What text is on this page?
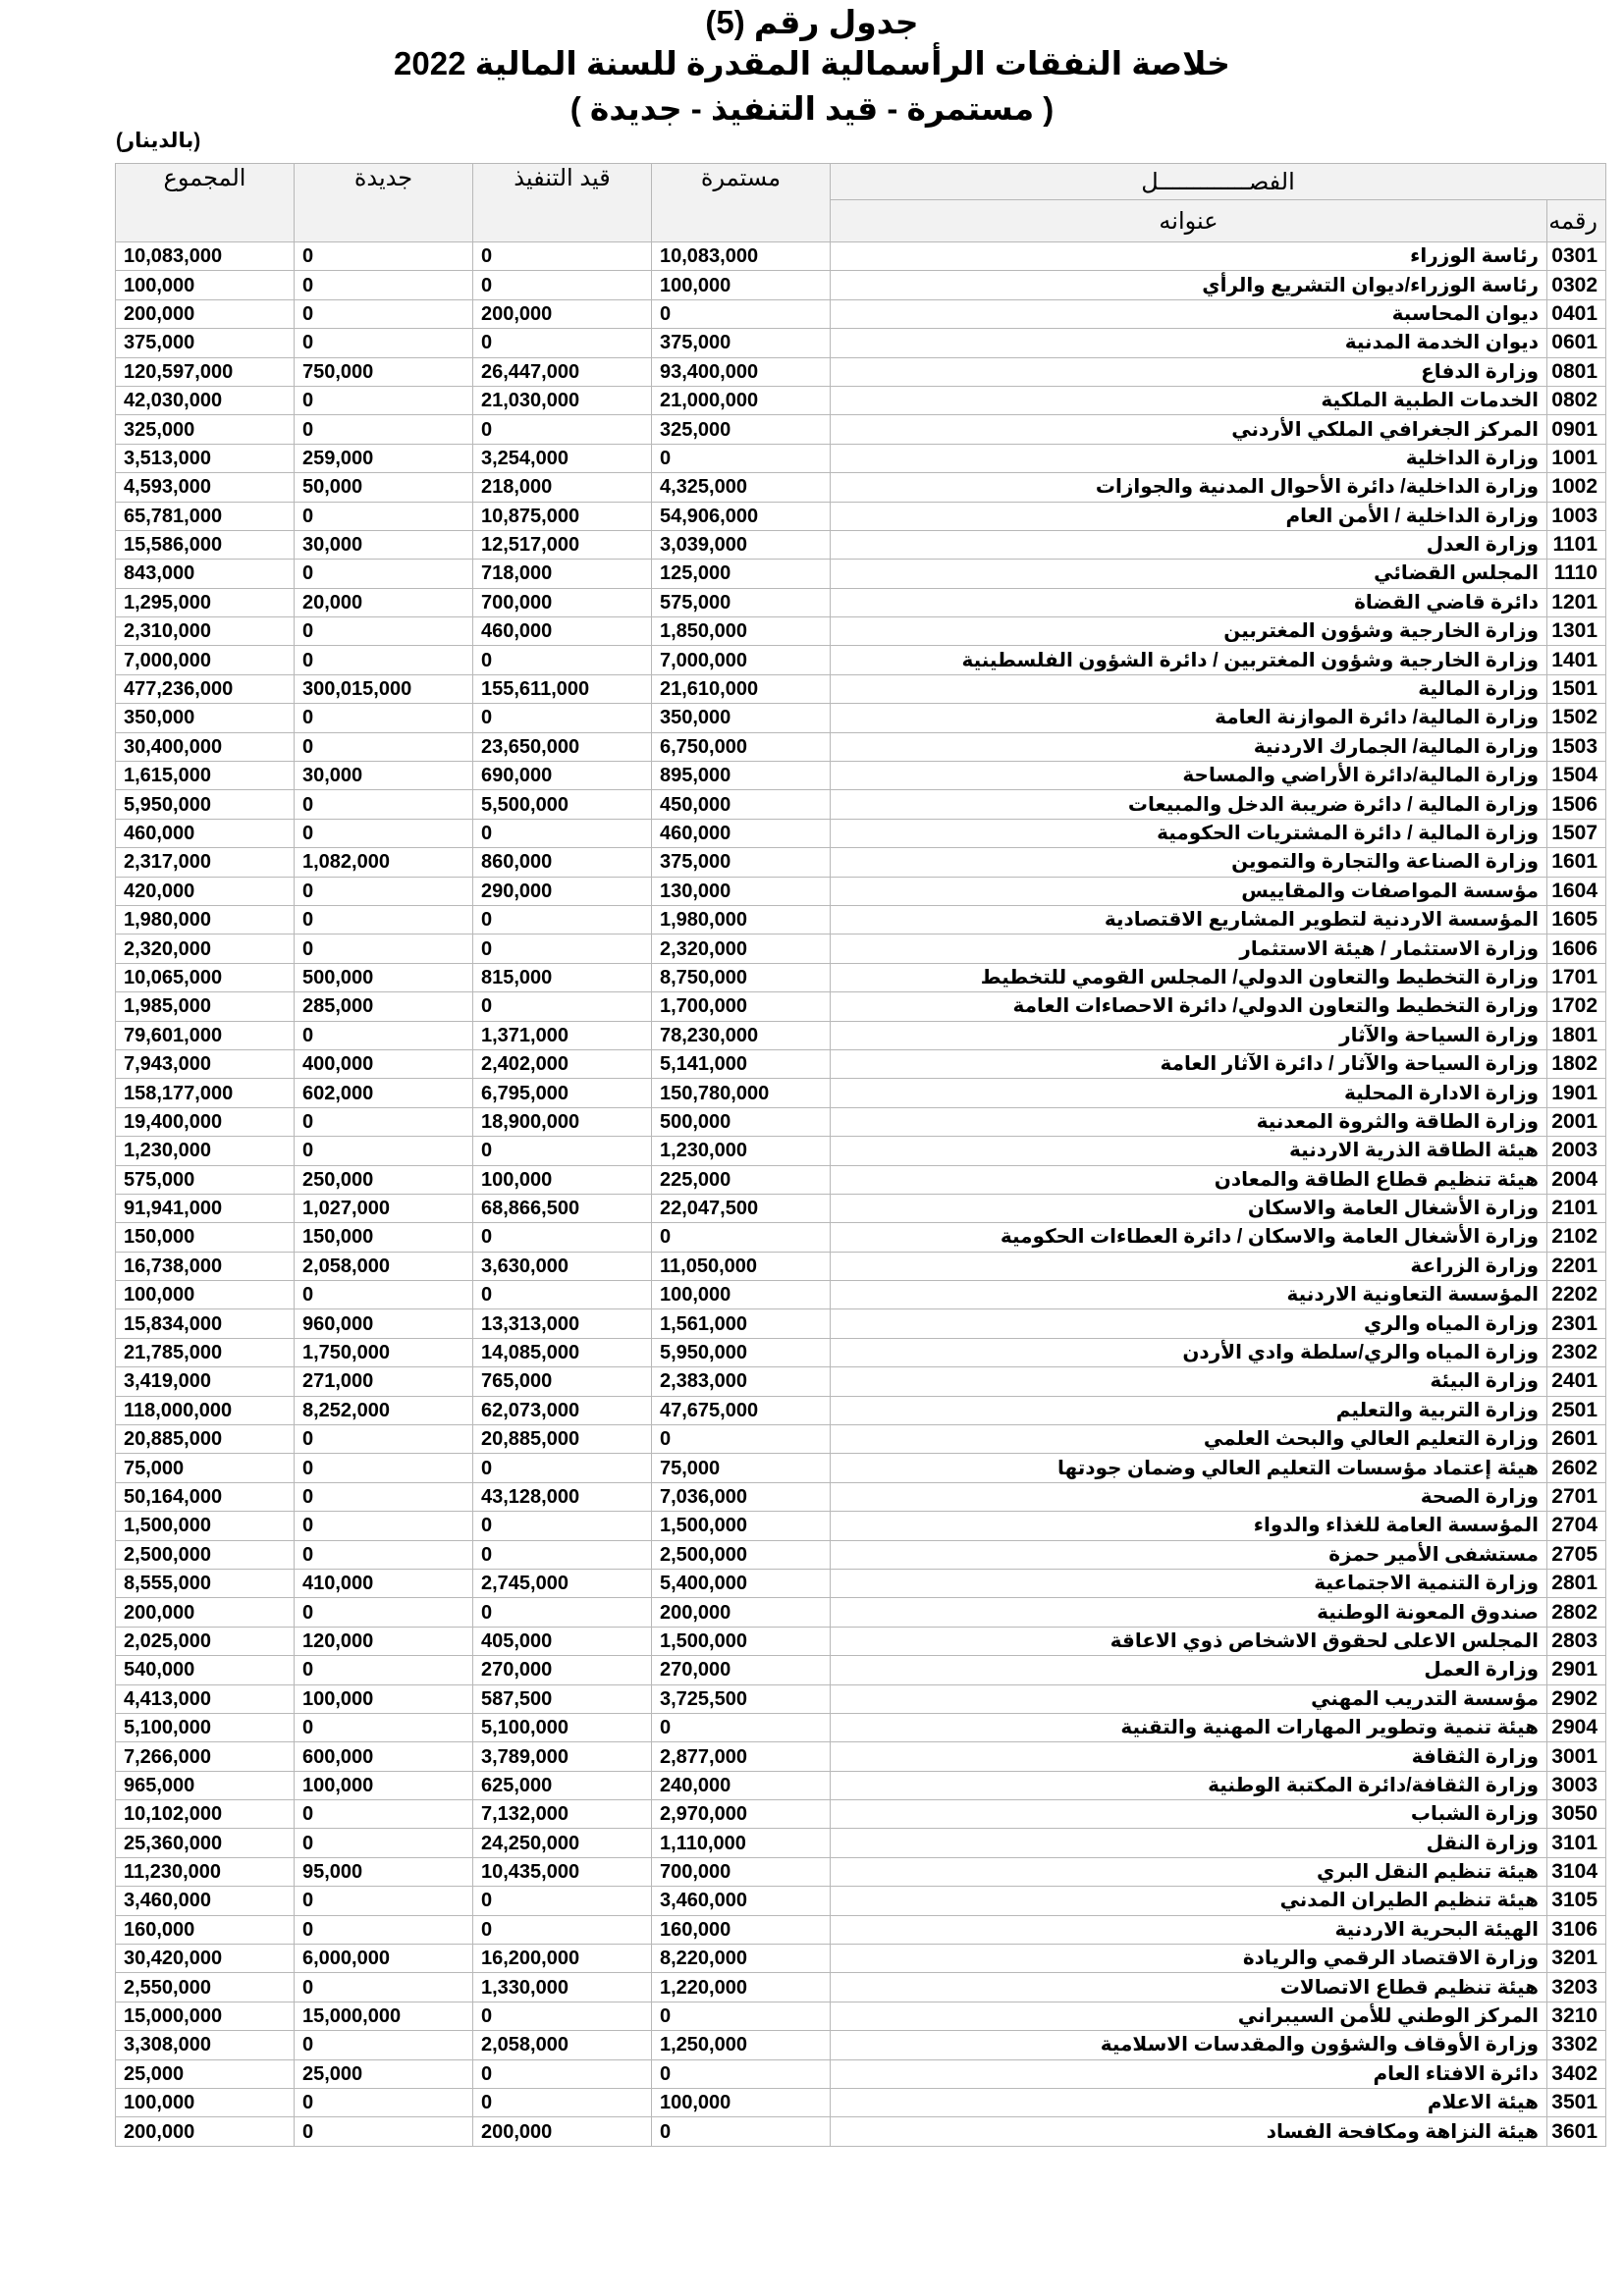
جدول رقم (5)
خلاصة النفقات الرأسمالية المقدرة للسنة المالية 2022
( مستمرة - قيد التنفيذ - جديدة )
(بالدينار)
الفصـــــــــــــل		مستمرة	قيد التنفيذ	جديدة	المجموع
رقمه	عنوانه				
0301	رئاسة الوزراء	10,083,000	0	0	10,083,000
0302	رئاسة الوزراء/ديوان التشريع والرأي	100,000	0	0	100,000
0401	ديوان المحاسبة	0	200,000	0	200,000
0601	ديوان الخدمة المدنية	375,000	0	0	375,000
0801	وزارة الدفاع	93,400,000	26,447,000	750,000	120,597,000
0802	الخدمات الطبية الملكية	21,000,000	21,030,000	0	42,030,000
0901	المركز الجغرافي الملكي الأردني	325,000	0	0	325,000
1001	وزارة الداخلية	0	3,254,000	259,000	3,513,000
1002	وزارة الداخلية/ دائرة الأحوال المدنية والجوازات	4,325,000	218,000	50,000	4,593,000
1003	وزارة الداخلية / الأمن العام	54,906,000	10,875,000	0	65,781,000
1101	وزارة العدل	3,039,000	12,517,000	30,000	15,586,000
1110	المجلس القضائي	125,000	718,000	0	843,000
1201	دائرة قاضي القضاة	575,000	700,000	20,000	1,295,000
1301	وزارة الخارجية وشؤون المغتربين	1,850,000	460,000	0	2,310,000
1401	وزارة الخارجية وشؤون المغتربين / دائرة الشؤون الفلسطينية	7,000,000	0	0	7,000,000
1501	وزارة المالية	21,610,000	155,611,000	300,015,000	477,236,000
1502	وزارة المالية/ دائرة الموازنة العامة	350,000	0	0	350,000
1503	وزارة المالية/ الجمارك الاردنية	6,750,000	23,650,000	0	30,400,000
1504	وزارة المالية/دائرة الأراضي والمساحة	895,000	690,000	30,000	1,615,000
1506	وزارة المالية / دائرة ضريبة الدخل والمبيعات	450,000	5,500,000	0	5,950,000
1507	وزارة المالية / دائرة المشتريات الحكومية	460,000	0	0	460,000
1601	وزارة الصناعة والتجارة والتموين	375,000	860,000	1,082,000	2,317,000
1604	مؤسسة المواصفات والمقاييس	130,000	290,000	0	420,000
1605	المؤسسة الاردنية لتطوير المشاريع الاقتصادية	1,980,000	0	0	1,980,000
1606	وزارة الاستثمار / هيئة الاستثمار	2,320,000	0	0	2,320,000
1701	وزارة التخطيط والتعاون الدولي/ المجلس القومي للتخطيط	8,750,000	815,000	500,000	10,065,000
1702	وزارة التخطيط والتعاون الدولي/ دائرة الاحصاءات العامة	1,700,000	0	285,000	1,985,000
1801	وزارة السياحة والآثار	78,230,000	1,371,000	0	79,601,000
1802	وزارة السياحة والآثار / دائرة الآثار العامة	5,141,000	2,402,000	400,000	7,943,000
1901	وزارة الادارة المحلية	150,780,000	6,795,000	602,000	158,177,000
2001	وزارة الطاقة والثروة المعدنية	500,000	18,900,000	0	19,400,000
2003	هيئة الطاقة الذرية الاردنية	1,230,000	0	0	1,230,000
2004	هيئة تنظيم قطاع الطاقة والمعادن	225,000	100,000	250,000	575,000
2101	وزارة الأشغال العامة والاسكان	22,047,500	68,866,500	1,027,000	91,941,000
2102	وزارة الأشغال العامة والاسكان / دائرة العطاءات الحكومية	0	0	150,000	150,000
2201	وزارة الزراعة	11,050,000	3,630,000	2,058,000	16,738,000
2202	المؤسسة التعاونية الاردنية	100,000	0	0	100,000
2301	وزارة المياه والري	1,561,000	13,313,000	960,000	15,834,000
2302	وزارة المياه والري/سلطة وادي الأردن	5,950,000	14,085,000	1,750,000	21,785,000
2401	وزارة البيئة	2,383,000	765,000	271,000	3,419,000
2501	وزارة التربية والتعليم	47,675,000	62,073,000	8,252,000	118,000,000
2601	وزارة التعليم العالي والبحث العلمي	0	20,885,000	0	20,885,000
2602	هيئة إعتماد مؤسسات التعليم العالي وضمان جودتها	75,000	0	0	75,000
2701	وزارة الصحة	7,036,000	43,128,000	0	50,164,000
2704	المؤسسة العامة للغذاء والدواء	1,500,000	0	0	1,500,000
2705	مستشفى الأمير حمزة	2,500,000	0	0	2,500,000
2801	وزارة التنمية الاجتماعية	5,400,000	2,745,000	410,000	8,555,000
2802	صندوق المعونة الوطنية	200,000	0	0	200,000
2803	المجلس الاعلى لحقوق الاشخاص ذوي الاعاقة	1,500,000	405,000	120,000	2,025,000
2901	وزارة العمل	270,000	270,000	0	540,000
2902	مؤسسة التدريب المهني	3,725,500	587,500	100,000	4,413,000
2904	هيئة تنمية وتطوير المهارات المهنية والتقنية	0	5,100,000	0	5,100,000
3001	وزارة الثقافة	2,877,000	3,789,000	600,000	7,266,000
3003	وزارة الثقافة/دائرة المكتبة الوطنية	240,000	625,000	100,000	965,000
3050	وزارة الشباب	2,970,000	7,132,000	0	10,102,000
3101	وزارة النقل	1,110,000	24,250,000	0	25,360,000
3104	هيئة تنظيم النقل البري	700,000	10,435,000	95,000	11,230,000
3105	هيئة تنظيم الطيران المدني	3,460,000	0	0	3,460,000
3106	الهيئة البحرية الاردنية	160,000	0	0	160,000
3201	وزارة الاقتصاد الرقمي والريادة	8,220,000	16,200,000	6,000,000	30,420,000
3203	هيئة تنظيم قطاع الاتصالات	1,220,000	1,330,000	0	2,550,000
3210	المركز الوطني للأمن السيبراني	0	0	15,000,000	15,000,000
3302	وزارة الأوقاف والشؤون والمقدسات الاسلامية	1,250,000	2,058,000	0	3,308,000
3402	دائرة الافتاء العام	0	0	25,000	25,000
3501	هيئة الاعلام	100,000	0	0	100,000
3601	هيئة النزاهة ومكافحة الفساد	0	200,000	0	200,000
